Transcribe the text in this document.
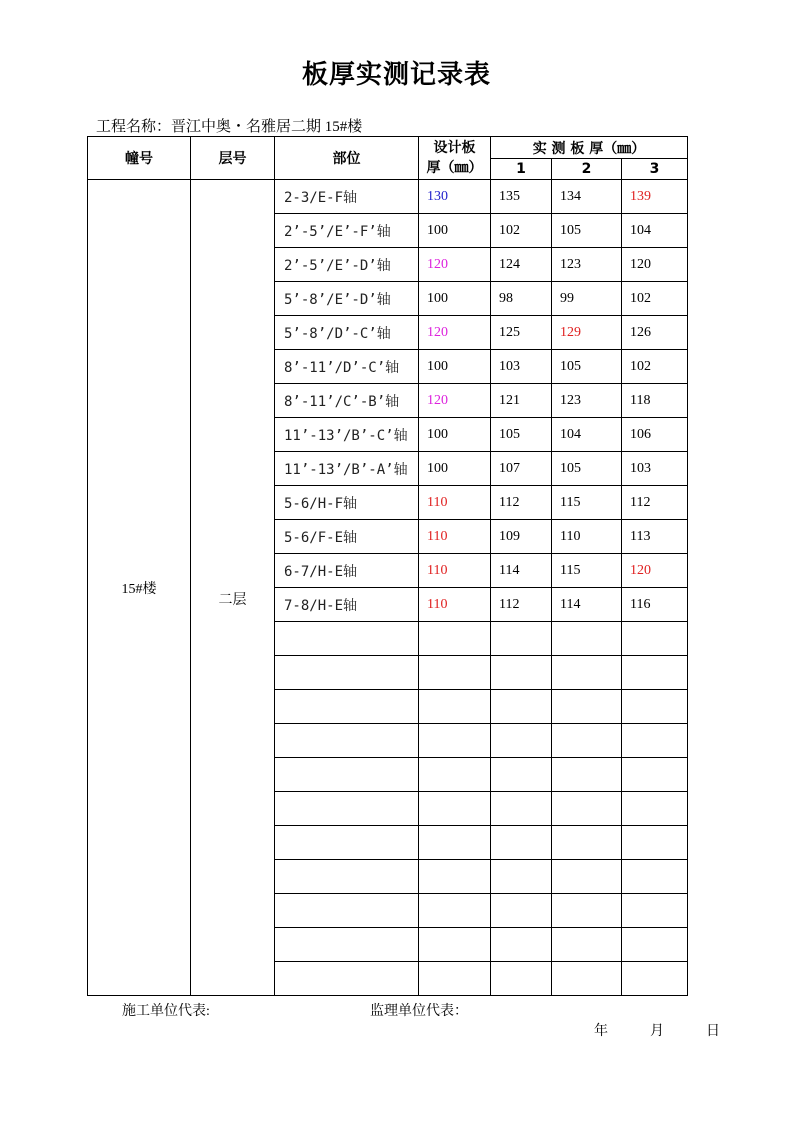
板厚实测记录表
工程名称：晋江中奥・名雅居二期 15#楼
幢号	层号	部位	设计板
厚（㎜）	实 测 板 厚（㎜）		
				1	2	3
15#楼	二层	2-3/E-F轴	130	135	134	139
		2’-5’/E’-F’轴	100	102	105	104
		2’-5’/E’-D’轴	120	124	123	120
		5’-8’/E’-D’轴	100	98	99	102
		5’-8’/D’-C’轴	120	125	129	126
		8’-11’/D’-C’轴	100	103	105	102
		8’-11’/C’-B’轴	120	121	123	118
		11’-13’/B’-C’轴	100	105	104	106
		11’-13’/B’-A’轴	100	107	105	103
		5-6/H-F轴	110	112	115	112
		5-6/F-E轴	110	109	110	113
		6-7/H-E轴	110	114	115	120
		7-8/H-E轴	110	112	114	116

施工单位代表:	监理单位代表：
年	月	日
